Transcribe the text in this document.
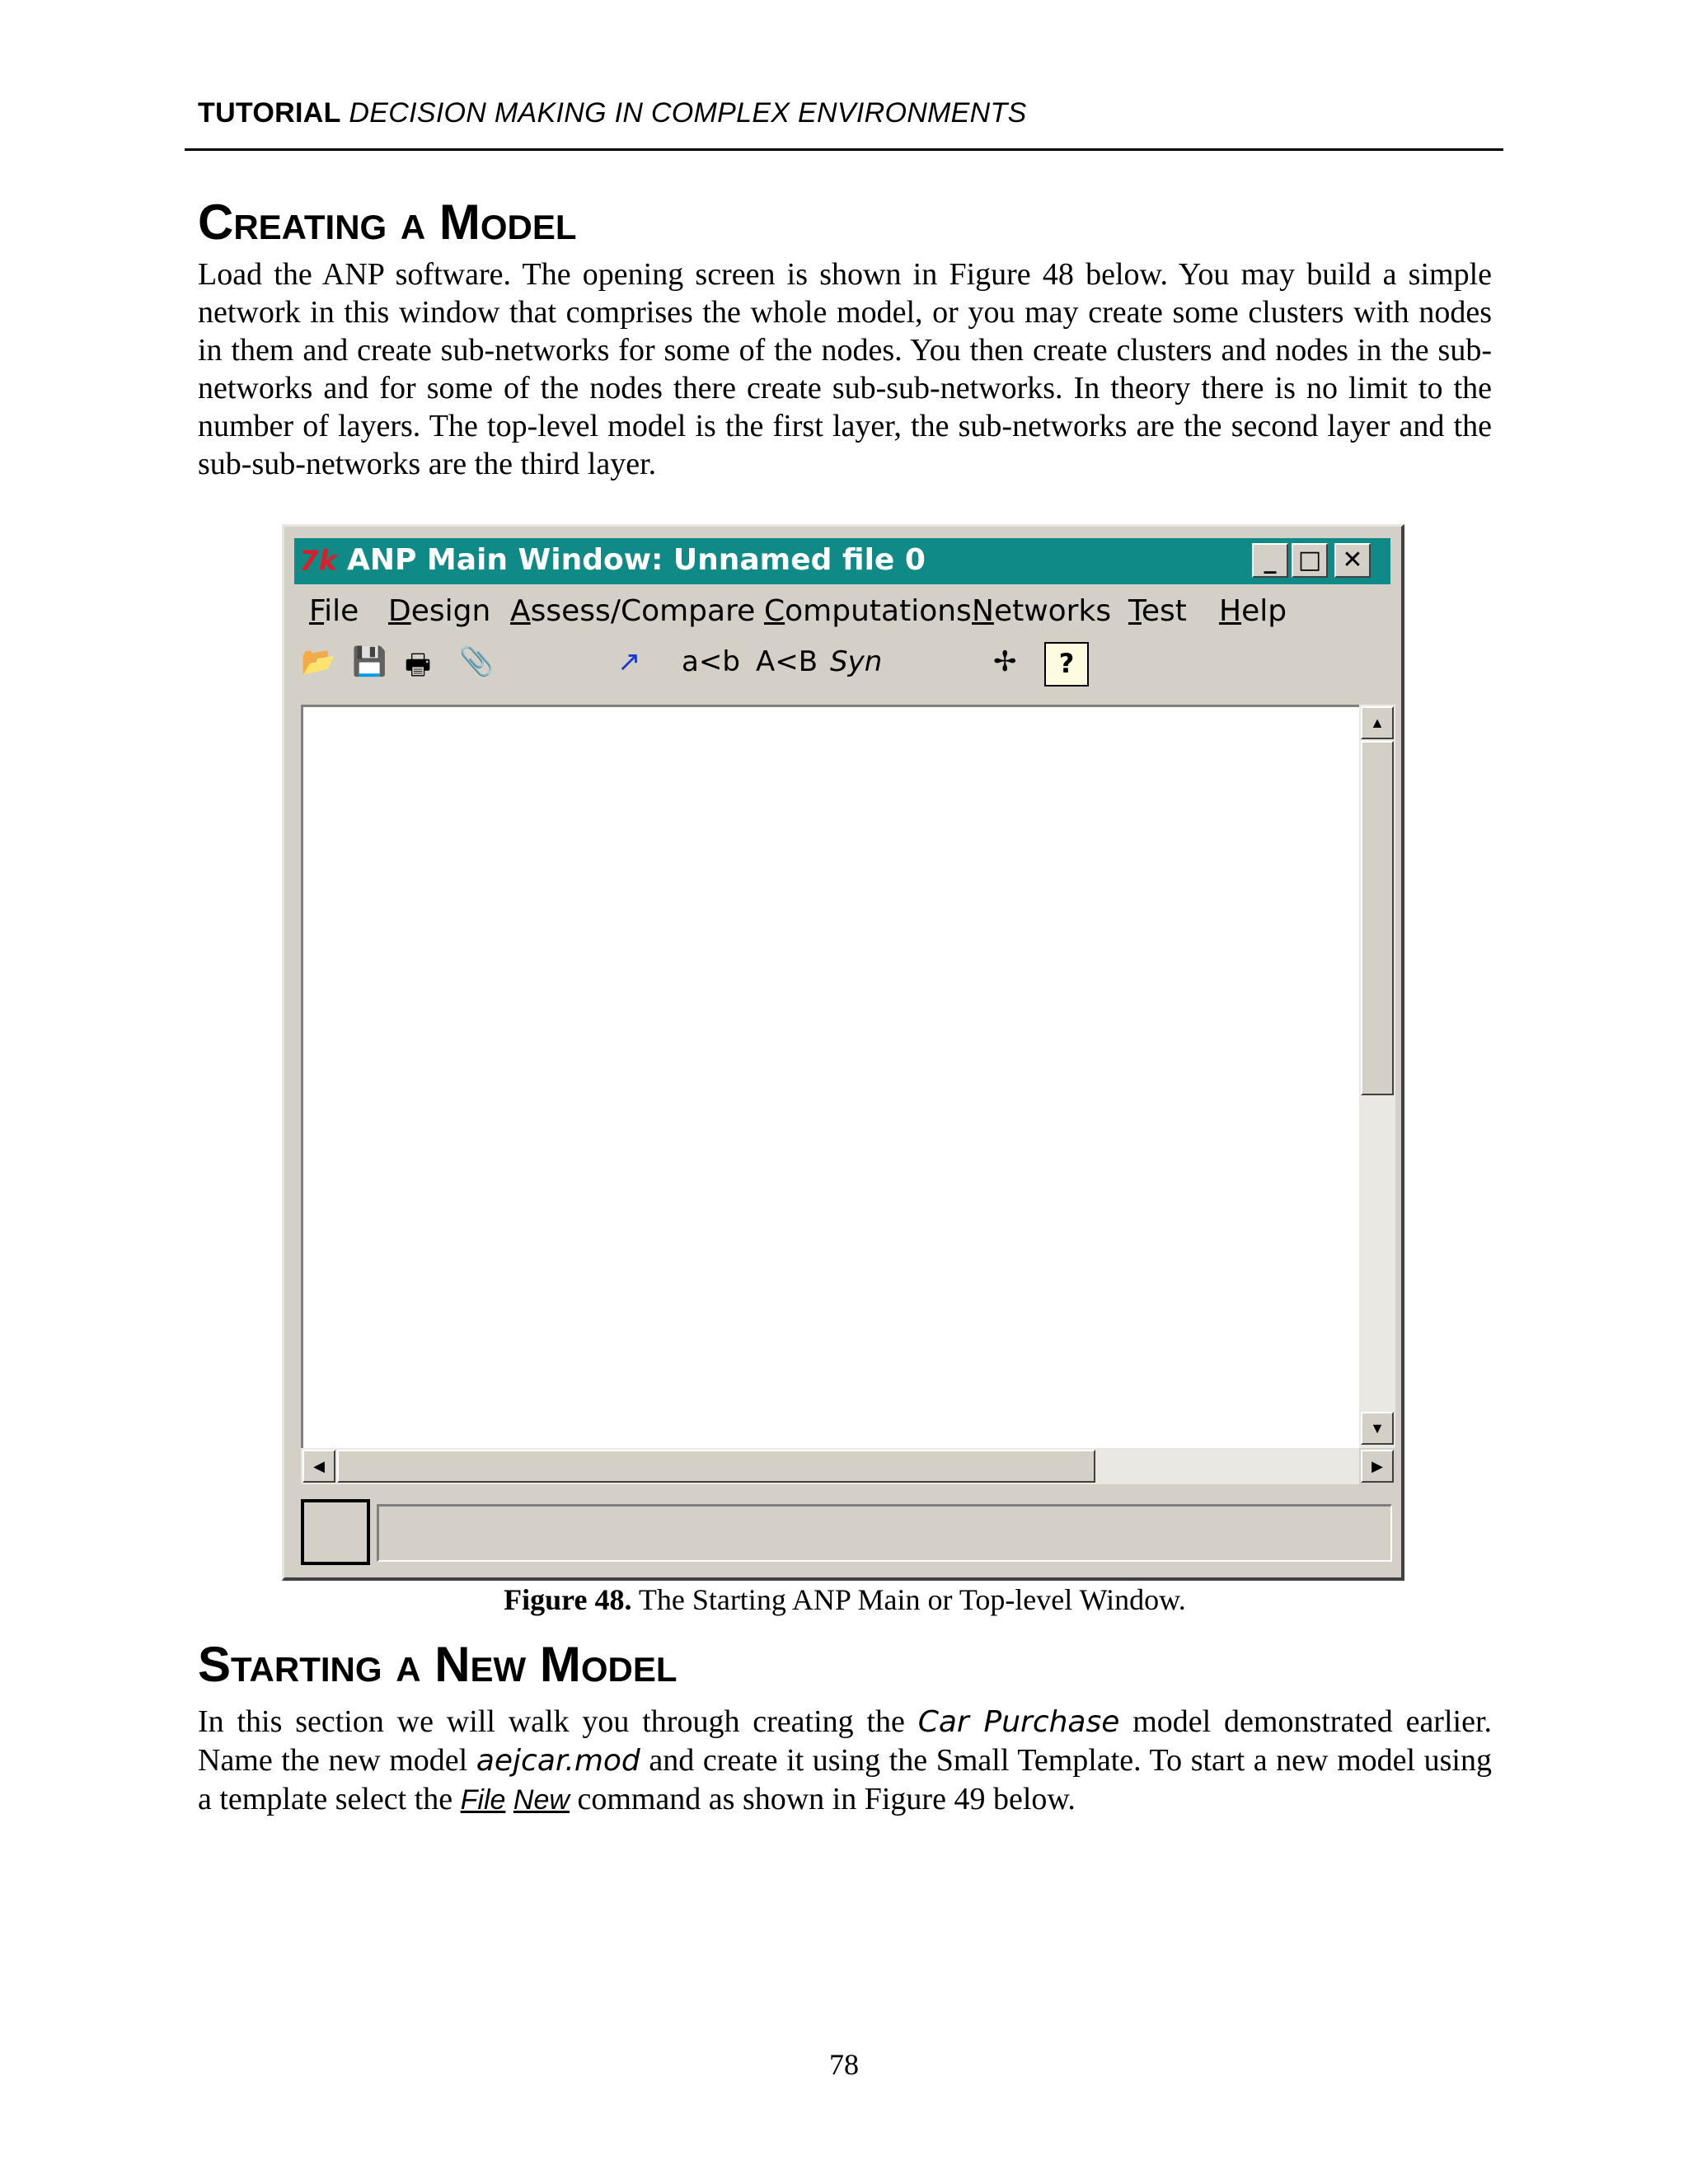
TUTORIAL DECISION MAKING IN COMPLEX ENVIRONMENTS
Creating a Model
Load the ANP software. The opening screen is shown in Figure 48 below. You may build a simple network in this window that comprises the whole model, or you may create some clusters with nodes in them and create sub-networks for some of the nodes. You then create clusters and nodes in the sub-networks and for some of the nodes there create sub-sub-networks. In theory there is no limit to the number of layers. The top-level model is the first layer, the sub-networks are the second layer and the sub-sub-networks are the third layer.
7k ANP Main Window: Unnamed file 0	_ □ ✕
File Design Assess/Compare Computations Networks Test Help
📂 💾 🖶 📎	↗ a<b A<B Syn	✢	?
▲
▼
◀	▶
Figure 48. The Starting ANP Main or Top-level Window.
Starting a New Model
In this section we will walk you through creating the Car Purchase model demonstrated earlier. Name the new model aejcar.mod and create it using the Small Template. To start a new model using a template select the File New command as shown in Figure 49 below.
78
